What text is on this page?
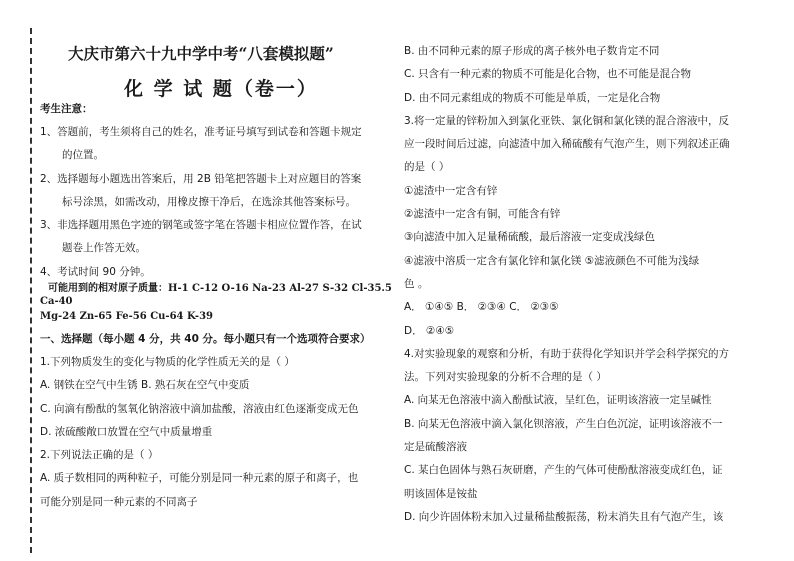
大庆市第六十九中学中考“八套模拟题”
化 学 试 题（卷一）
考生注意：
1、答题前，考生须将自己的姓名，准考证号填写到试卷和答题卡规定
的位置。
2、选择题每小题选出答案后，用 2B 铅笔把答题卡上对应题目的答案
标号涂黑，如需改动，用橡皮擦干净后，在选涂其他答案标号。
3、非选择题用黑色字迹的钢笔或签字笔在答题卡相应位置作答，在试
题卷上作答无效。
4、考试时间 90 分钟。
可能用到的相对原子质量：H-1 C-12 O-16 Na-23 Al-27 S-32 Cl-35.5
Ca-40
Mg-24 Zn-65 Fe-56 Cu-64 K-39
一、选择题（每小题 4 分，共 40 分。每小题只有一个选项符合要求）
1.下列物质发生的变化与物质的化学性质无关的是（ ）
A. 钢铁在空气中生锈 B. 熟石灰在空气中变质
C. 向滴有酚酞的氢氧化钠溶液中滴加盐酸，溶液由红色逐渐变成无色
D. 浓硫酸敞口放置在空气中质量增重
2.下列说法正确的是（ ）
A. 质子数相同的两种粒子，可能分别是同一种元素的原子和离子，也
可能分别是同一种元素的不同离子
B. 由不同种元素的原子形成的离子核外电子数肯定不同
C. 只含有一种元素的物质不可能是化合物，也不可能是混合物
D. 由不同元素组成的物质不可能是单质，一定是化合物
3.将一定量的锌粉加入到氯化亚铁、氯化铜和氯化镁的混合溶液中，反
应一段时间后过滤，向滤渣中加入稀硫酸有气泡产生，则下列叙述正确
的是（ ）
①滤渣中一定含有锌
②滤渣中一定含有铜，可能含有锌
③向滤渣中加入足量稀硫酸，最后溶液一定变成浅绿色
④滤液中溶质一定含有氯化锌和氯化镁 ⑤滤液颜色不可能为浅绿
色 。
A． ①④⑤ B． ②③④ C． ②③⑤
D． ②④⑤
4.对实验现象的观察和分析，有助于获得化学知识并学会科学探究的方
法。下列对实验现象的分析不合理的是（ ）
A. 向某无色溶液中滴入酚酞试液，呈红色，证明该溶液一定呈碱性
B. 向某无色溶液中滴入氯化钡溶液，产生白色沉淀，证明该溶液不一
定是硫酸溶液
C. 某白色固体与熟石灰研磨，产生的气体可使酚酞溶液变成红色，证
明该固体是铵盐
D. 向少许固体粉末加入过量稀盐酸振荡，粉末消失且有气泡产生，该
